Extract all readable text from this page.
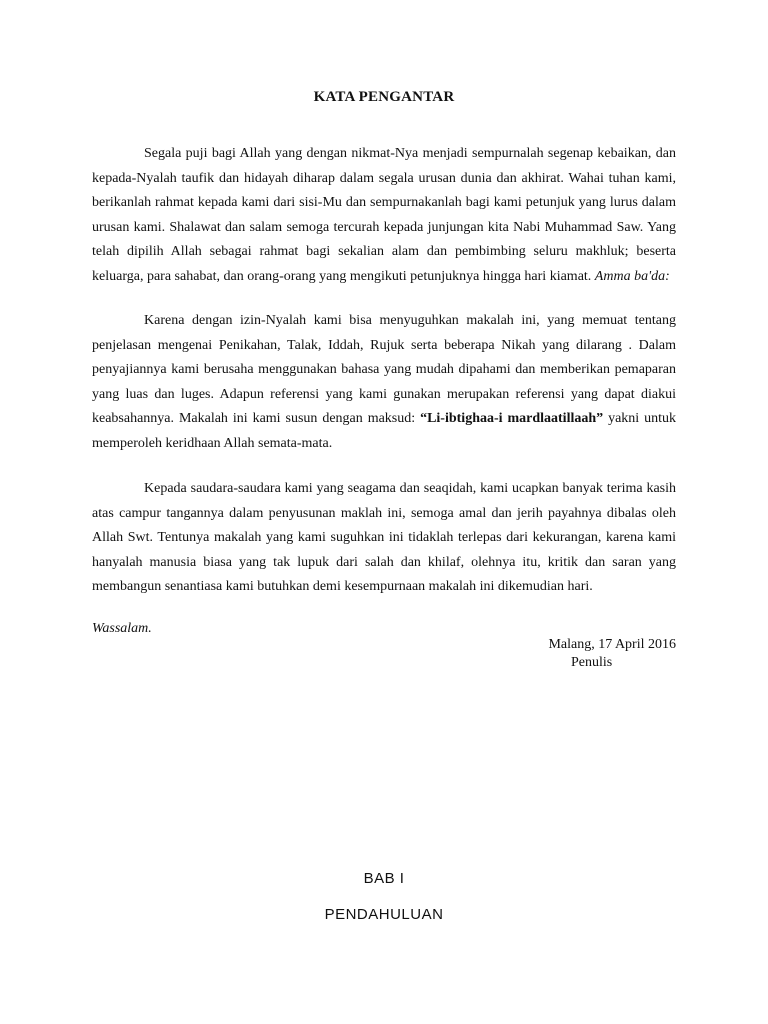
KATA PENGANTAR

Segala puji bagi Allah yang dengan nikmat-Nya menjadi sempurnalah segenap kebaikan, dan kepada-Nyalah taufik dan hidayah diharap dalam segala urusan dunia dan akhirat. Wahai tuhan kami, berikanlah rahmat kepada kami dari sisi-Mu dan sempurnakanlah bagi kami petunjuk yang lurus dalam urusan kami. Shalawat dan salam semoga tercurah kepada junjungan kita Nabi Muhammad Saw. Yang telah dipilih Allah sebagai rahmat bagi sekalian alam dan pembimbing seluru makhluk; beserta keluarga, para sahabat, dan orang-orang yang mengikuti petunjuknya hingga hari kiamat. Amma ba'da:

Karena dengan izin-Nyalah kami bisa menyuguhkan makalah ini, yang memuat tentang penjelasan mengenai Penikahan, Talak, Iddah, Rujuk serta beberapa Nikah yang dilarang . Dalam penyajiannya kami berusaha menggunakan bahasa yang mudah dipahami dan memberikan pemaparan yang luas dan luges. Adapun referensi yang kami gunakan merupakan referensi yang dapat diakui keabsahannya. Makalah ini kami susun dengan maksud: “Li-ibtighaa-i mardlaatillaah” yakni untuk memperoleh keridhaan Allah semata-mata.

Kepada saudara-saudara kami yang seagama dan seaqidah, kami ucapkan banyak terima kasih atas campur tangannya dalam penyusunan maklah ini, semoga amal dan jerih payahnya dibalas oleh Allah Swt. Tentunya makalah yang kami suguhkan ini tidaklah terlepas dari kekurangan, karena kami hanyalah manusia biasa yang tak lupuk dari salah dan khilaf, olehnya itu, kritik dan saran yang membangun senantiasa kami butuhkan demi kesempurnaan makalah ini dikemudian hari.

Wassalam.
Malang, 17 April 2016
Penulis
BAB I
PENDAHULUAN
